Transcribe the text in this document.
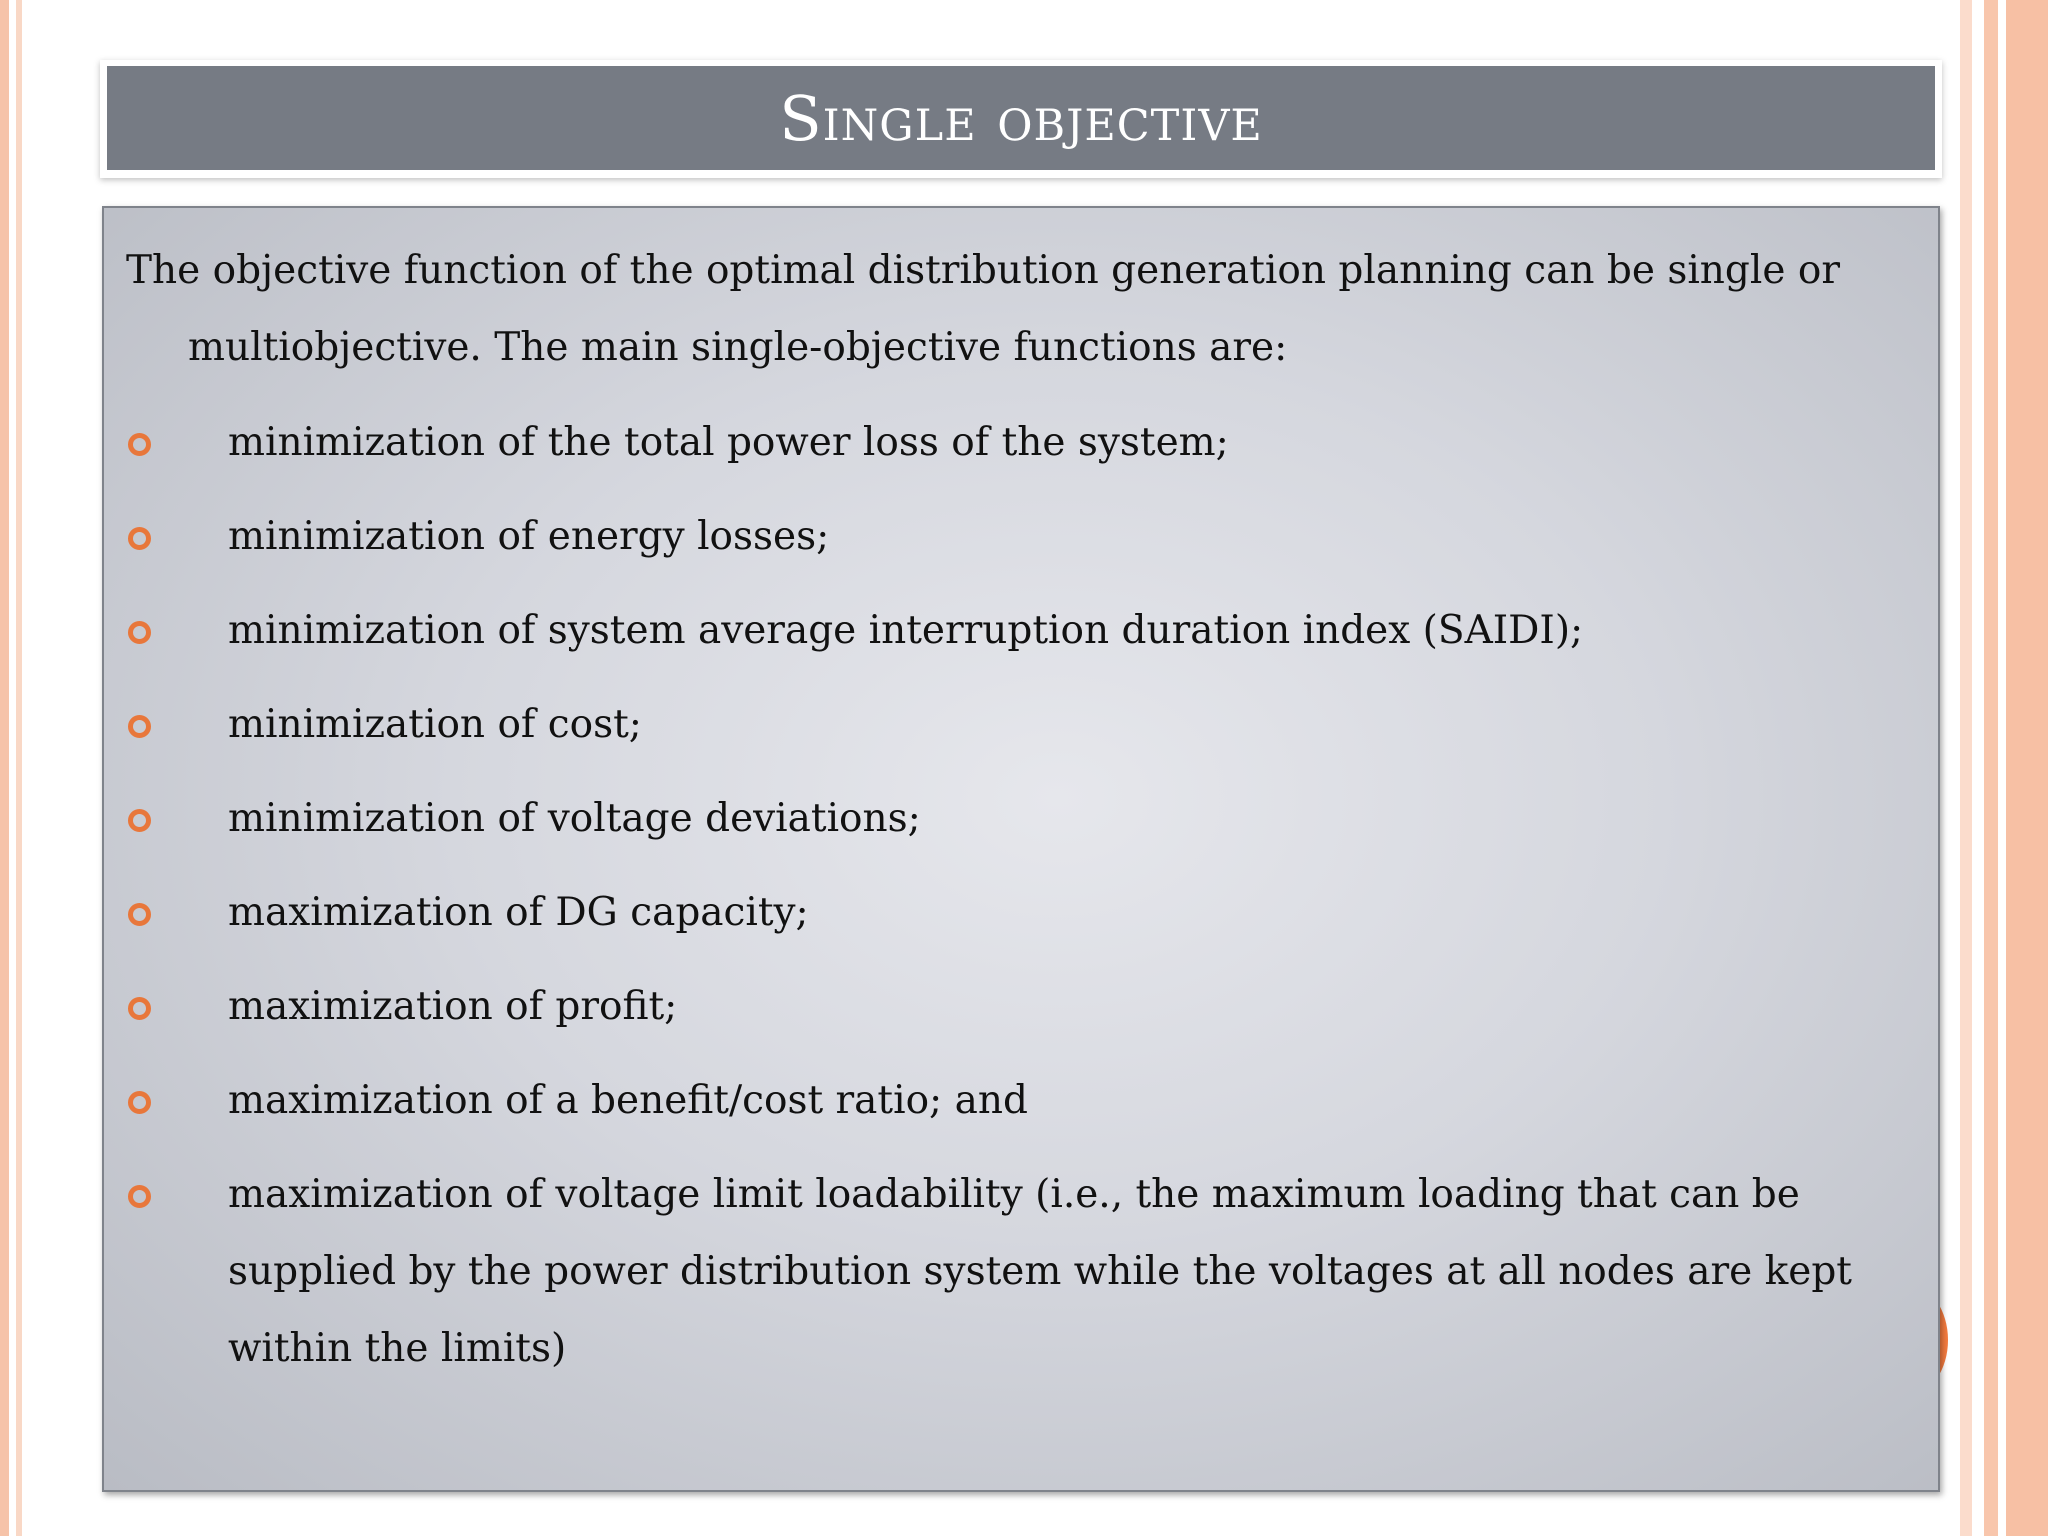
Single objective

The objective function of the optimal distribution generation planning can be single or multiobjective. The main single-objective functions are:

minimization of the total power loss of the system;
minimization of energy losses;
minimization of system average interruption duration index (SAIDI);
minimization of cost;
minimization of voltage deviations;
maximization of DG capacity;
maximization of profit;
maximization of a benefit/cost ratio; and
maximization of voltage limit loadability (i.e., the maximum loading that can be supplied by the power distribution system while the voltages at all nodes are kept within the limits)
